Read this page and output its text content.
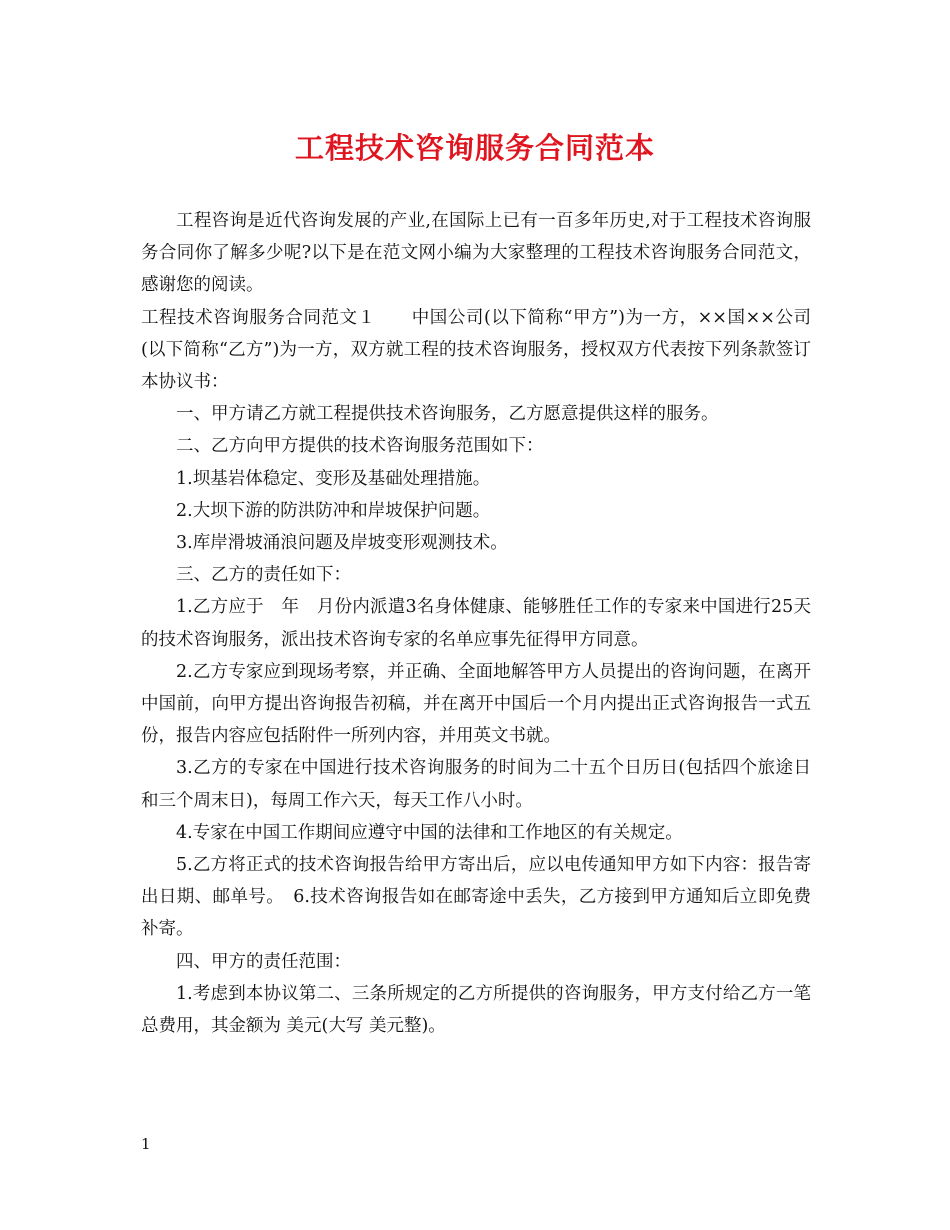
工程技术咨询服务合同范本

工程咨询是近代咨询发展的产业,在国际上已有一百多年历史,对于工程技术咨询服务合同你了解多少呢?以下是在范文网小编为大家整理的工程技术咨询服务合同范文，感谢您的阅读。

工程技术咨询服务合同范文１　　中国公司(以下简称“甲方”)为一方，××国××公司(以下简称“乙方”)为一方，双方就工程的技术咨询服务，授权双方代表按下列条款签订本协议书：

一、甲方请乙方就工程提供技术咨询服务，乙方愿意提供这样的服务。

二、乙方向甲方提供的技术咨询服务范围如下：

1.坝基岩体稳定、变形及基础处理措施。

2.大坝下游的防洪防冲和岸坡保护问题。

3.库岸滑坡涌浪问题及岸坡变形观测技术。

三、乙方的责任如下：

1.乙方应于　年　月份内派遣3名身体健康、能够胜任工作的专家来中国进行25天的技术咨询服务，派出技术咨询专家的名单应事先征得甲方同意。

2.乙方专家应到现场考察，并正确、全面地解答甲方人员提出的咨询问题，在离开中国前，向甲方提出咨询报告初稿，并在离开中国后一个月内提出正式咨询报告一式五份，报告内容应包括附件一所列内容，并用英文书就。

3.乙方的专家在中国进行技术咨询服务的时间为二十五个日历日(包括四个旅途日和三个周末日)，每周工作六天，每天工作八小时。

4.专家在中国工作期间应遵守中国的法律和工作地区的有关规定。

5.乙方将正式的技术咨询报告给甲方寄出后，应以电传通知甲方如下内容：报告寄出日期、邮单号。　6.技术咨询报告如在邮寄途中丢失，乙方接到甲方通知后立即免费补寄。

四、甲方的责任范围：

1.考虑到本协议第二、三条所规定的乙方所提供的咨询服务，甲方支付给乙方一笔总费用，其金额为 美元(大写 美元整)。

1
